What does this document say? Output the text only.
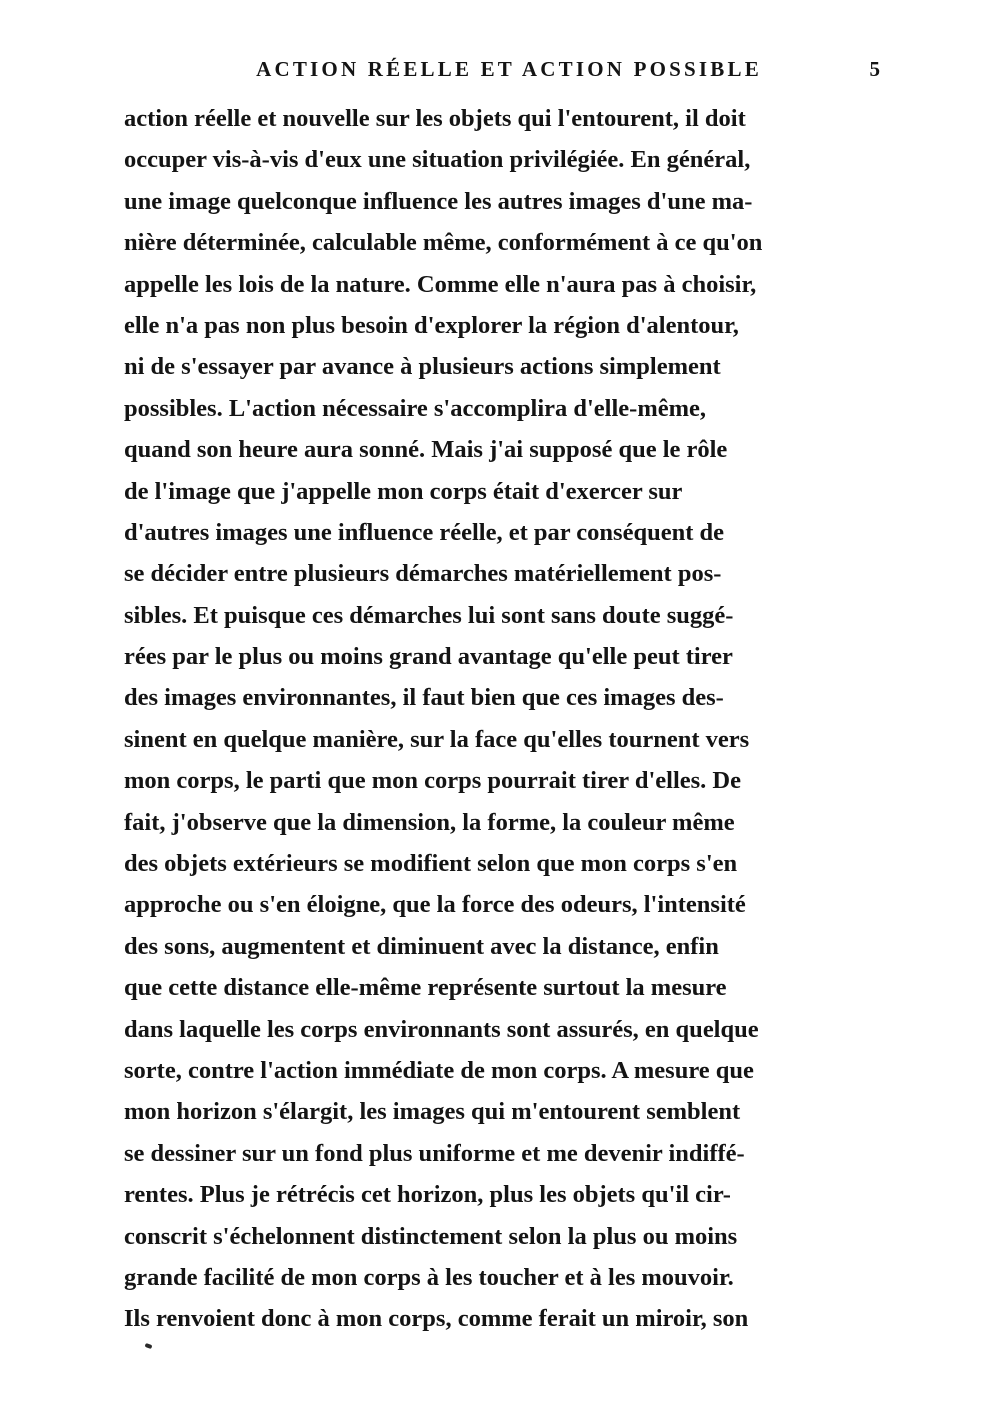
ACTION RÉELLE ET ACTION POSSIBLE	5
action réelle et nouvelle sur les objets qui l'entourent, il doit
occuper vis-à-vis d'eux une situation privilégiée. En général,
une image quelconque influence les autres images d'une ma-
nière déterminée, calculable même, conformément à ce qu'on
appelle les lois de la nature. Comme elle n'aura pas à choisir,
elle n'a pas non plus besoin d'explorer la région d'alentour,
ni de s'essayer par avance à plusieurs actions simplement
possibles. L'action nécessaire s'accomplira d'elle-même,
quand son heure aura sonné. Mais j'ai supposé que le rôle
de l'image que j'appelle mon corps était d'exercer sur
d'autres images une influence réelle, et par conséquent de
se décider entre plusieurs démarches matériellement pos-
sibles. Et puisque ces démarches lui sont sans doute suggé-
rées par le plus ou moins grand avantage qu'elle peut tirer
des images environnantes, il faut bien que ces images des-
sinent en quelque manière, sur la face qu'elles tournent vers
mon corps, le parti que mon corps pourrait tirer d'elles. De
fait, j'observe que la dimension, la forme, la couleur même
des objets extérieurs se modifient selon que mon corps s'en
approche ou s'en éloigne, que la force des odeurs, l'intensité
des sons, augmentent et diminuent avec la distance, enfin
que cette distance elle-même représente surtout la mesure
dans laquelle les corps environnants sont assurés, en quelque
sorte, contre l'action immédiate de mon corps. A mesure que
mon horizon s'élargit, les images qui m'entourent semblent
se dessiner sur un fond plus uniforme et me devenir indiffé-
rentes. Plus je rétrécis cet horizon, plus les objets qu'il cir-
conscrit s'échelonnent distinctement selon la plus ou moins
grande facilité de mon corps à les toucher et à les mouvoir.
Ils renvoient donc à mon corps, comme ferait un miroir, son
